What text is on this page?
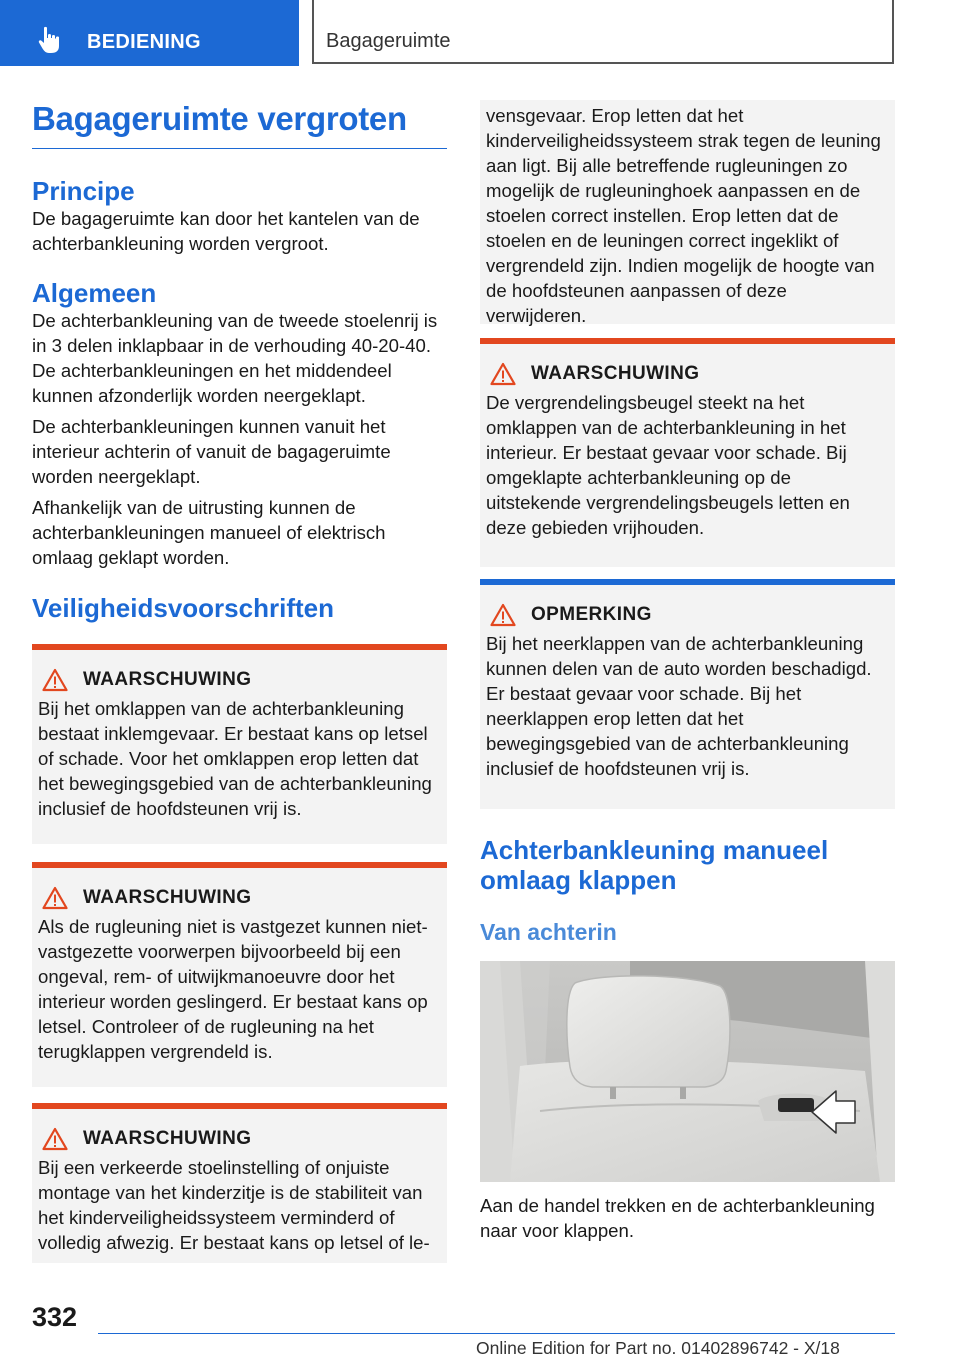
BEDIENING	Bagageruimte
Bagageruimte vergroten
Principe

De bagageruimte kan door het kantelen van de achterbankleuning worden vergroot.

Algemeen

De achterbankleuning van de tweede stoelenrij is in 3 delen inklapbaar in de verhouding 40-20-40. De achterbankleuningen en het middendeel kunnen afzonderlijk worden neergeklapt.

De achterbankleuningen kunnen vanuit het interieur achterin of vanuit de bagageruimte worden neergeklapt.

Afhankelijk van de uitrusting kunnen de achterbankleuningen manueel of elektrisch omlaag geklapt worden.

Veiligheidsvoorschriften
WAARSCHUWING

Bij het omklappen van de achterbankleuning bestaat inklemgevaar. Er bestaat kans op letsel of schade. Voor het omklappen erop letten dat het bewegingsgebied van de achterbankleuning inclusief de hoofdsteunen vrij is.

WAARSCHUWING

Als de rugleuning niet is vastgezet kunnen niet-vastgezette voorwerpen bijvoorbeeld bij een ongeval, rem- of uitwijkmanoeuvre door het interieur worden geslingerd. Er bestaat kans op letsel. Controleer of de rugleuning na het terugklappen vergrendeld is.

WAARSCHUWING

Bij een verkeerde stoelinstelling of onjuiste montage van het kinderzitje is de stabiliteit van het kinderveiligheidssysteem verminderd of volledig afwezig. Er bestaat kans op letsel of le-

vensgevaar. Erop letten dat het kinderveiligheidssysteem strak tegen de leuning aan ligt. Bij alle betreffende rugleuningen zo mogelijk de rugleuninghoek aanpassen en de stoelen correct instellen. Erop letten dat de stoelen en de leuningen correct ingeklikt of vergrendeld zijn. Indien mogelijk de hoogte van de hoofdsteunen aanpassen of deze verwijderen.

WAARSCHUWING

De vergrendelingsbeugel steekt na het omklappen van de achterbankleuning in het interieur. Er bestaat gevaar voor schade. Bij omgeklapte achterbankleuning op de uitstekende vergrendelingsbeugels letten en deze gebieden vrijhouden.

OPMERKING

Bij het neerklappen van de achterbankleuning kunnen delen van de auto worden beschadigd. Er bestaat gevaar voor schade. Bij het neerklappen erop letten dat het bewegingsgebied van de achterbankleuning inclusief de hoofdsteunen vrij is.

Achterbankleuning manueel omlaag klappen
Van achterin

Aan de handel trekken en de achterbankleuning naar voor klappen.

332
Online Edition for Part no. 01402896742 - X/18
